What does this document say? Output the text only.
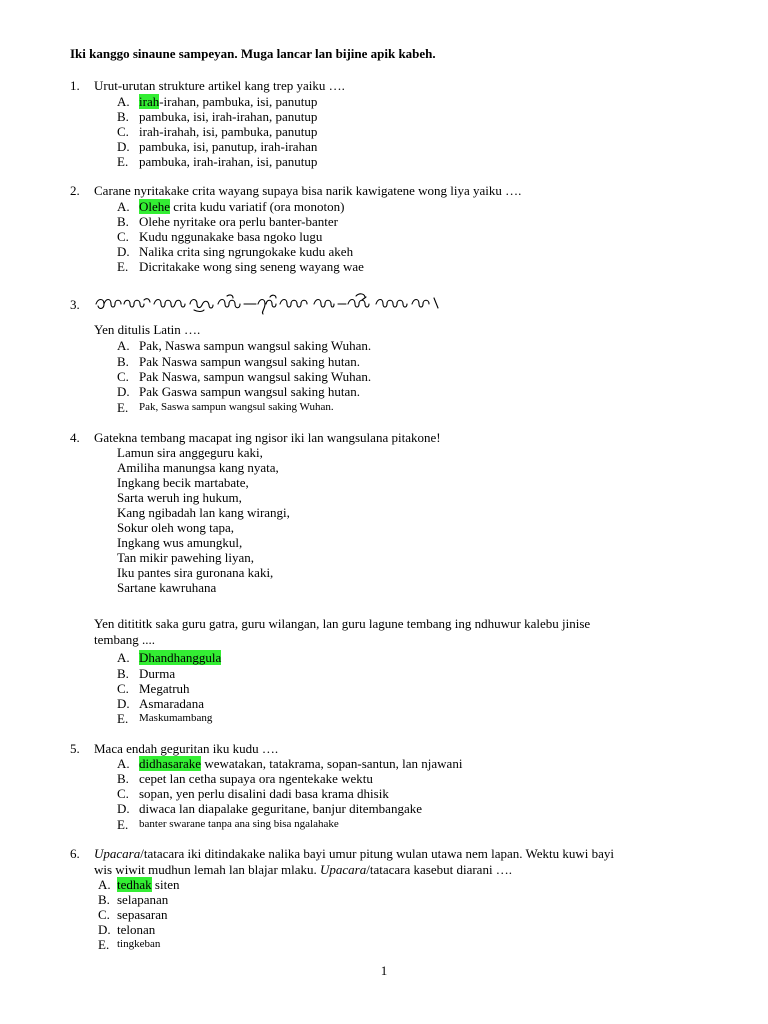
Iki kanggo sinaune sampeyan. Muga lancar lan bijine apik kabeh.
1. Urut-urutan strukture artikel kang trep yaiku ….
A. irah-irahan, pambuka, isi, panutup
B. pambuka, isi, irah-irahan, panutup
C. irah-irahah, isi, pambuka, panutup
D. pambuka, isi, panutup, irah-irahan
E. pambuka, irah-irahan, isi, panutup
2. Carane nyritakake crita wayang supaya bisa narik kawigatene wong liya yaiku ….
A. Olehe crita kudu variatif (ora monoton)
B. Olehe nyritake ora perlu banter-banter
C. Kudu nggunakake basa ngoko lugu
D. Nalika crita sing ngrungokake kudu akeh
E. Dicritakake wong sing seneng wayang wae
3.
Yen ditulis Latin ….
A. Pak, Naswa sampun wangsul saking Wuhan.
B. Pak Naswa sampun wangsul saking hutan.
C. Pak Naswa, sampun wangsul saking Wuhan.
D. Pak Gaswa sampun wangsul saking hutan.
E. Pak, Saswa sampun wangsul saking Wuhan.
4. Gatekna tembang macapat ing ngisor iki lan wangsulana pitakone!
Lamun sira anggeguru kaki,
Amiliha manungsa kang nyata,
Ingkang becik martabate,
Sarta weruh ing hukum,
Kang ngibadah lan kang wirangi,
Sokur oleh wong tapa,
Ingkang wus amungkul,
Tan mikir pawehing liyan,
Iku pantes sira guronana kaki,
Sartane kawruhana
Yen ditititk saka guru gatra, guru wilangan, lan guru lagune tembang ing ndhuwur kalebu jinise
tembang ....
A. Dhandhanggula
B. Durma
C. Megatruh
D. Asmaradana
E. Maskumambang
5. Maca endah geguritan iku kudu ….
A. didhasarake wewatakan, tatakrama, sopan-santun, lan njawani
B. cepet lan cetha supaya ora ngentekake wektu
C. sopan, yen perlu disalini dadi basa krama dhisik
D. diwaca lan diapalake geguritane, banjur ditembangake
E. banter swarane tanpa ana sing bisa ngalahake
6. Upacara/tatacara iki ditindakake nalika bayi umur pitung wulan utawa nem lapan. Wektu kuwi bayi
wis wiwit mudhun lemah lan blajar mlaku. Upacara/tatacara kasebut diarani ….
A. tedhak siten
B. selapanan
C. sepasaran
D. telonan
E. tingkeban
1
